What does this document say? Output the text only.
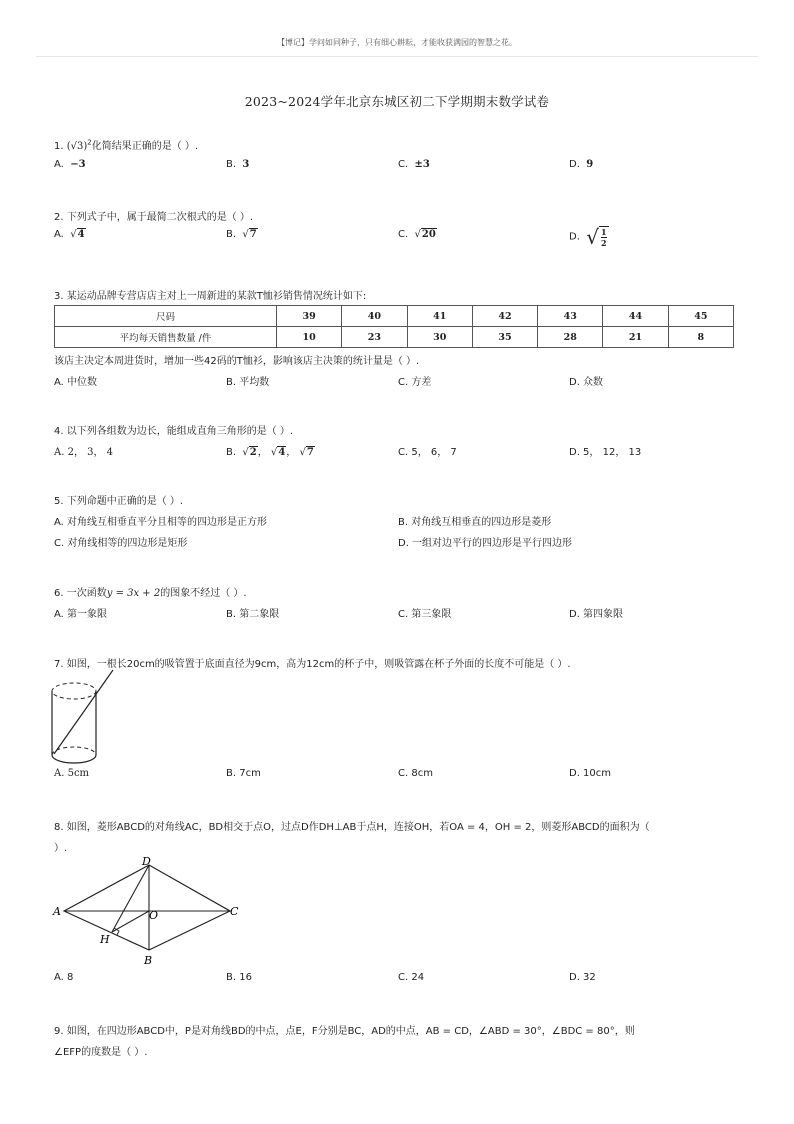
【博记】学问如同种子，只有细心耕耘，才能收获满园的智慧之花。
2023~2024学年北京东城区初二下学期期末数学试卷
1. $(√3)^2$化简结果正确的是（ ）.
A. −3	B. 3	C. ±3	D. 9
2. 下列式子中，属于最简二次根式的是（ ）.
A.  √4	B.  √7	C.  √20	D. √ $\frac{1}{2}$
3. 某运动品牌专营店店主对上一周新进的某款T恤衫销售情况统计如下:
尺码	39	40	41	42	43	44	45
平均每天销售数量 /件	10	23	30	35	28	21	8
该店主决定本周进货时，增加一些42码的T恤衫，影响该店主决策的统计量是（ ）.
A. 中位数	B. 平均数	C. 方差	D. 众数
4. 以下列各组数为边长，能组成直角三角形的是（ ）.
A. 2， 3， 4	B.  √2， √4， √7	C. 5， 6， 7	D. 5， 12， 13
5. 下列命题中正确的是（ ）.
A. 对角线互相垂直平分且相等的四边形是正方形	B. 对角线互相垂直的四边形是菱形
C. 对角线相等的四边形是矩形	D. 一组对边平行的四边形是平行四边形
6. 一次函数y = 3x + 2的图象不经过（ ）.
A. 第一象限	B. 第二象限	C. 第三象限	D. 第四象限
7. 如图，一根长20cm的吸管置于底面直径为9cm，高为12cm的杯子中，则吸管露在杯子外面的长度不可能是（ ）.
A. 5cm	B. 7cm	C. 8cm	D. 10cm
8. 如图，菱形ABCD的对角线AC，BD相交于点O，过点D作DH⊥AB于点H，连接OH，若OA = 4，OH = 2，则菱形ABCD的面积为（
）.
D
A	C
O
H
B
A. 8	B. 16	C. 24	D. 32
9. 如图，在四边形ABCD中，P是对角线BD的中点，点E，F分别是BC，AD的中点，AB = CD，∠ABD = 30°，∠BDC = 80°，则
∠EFP的度数是（ ）.
